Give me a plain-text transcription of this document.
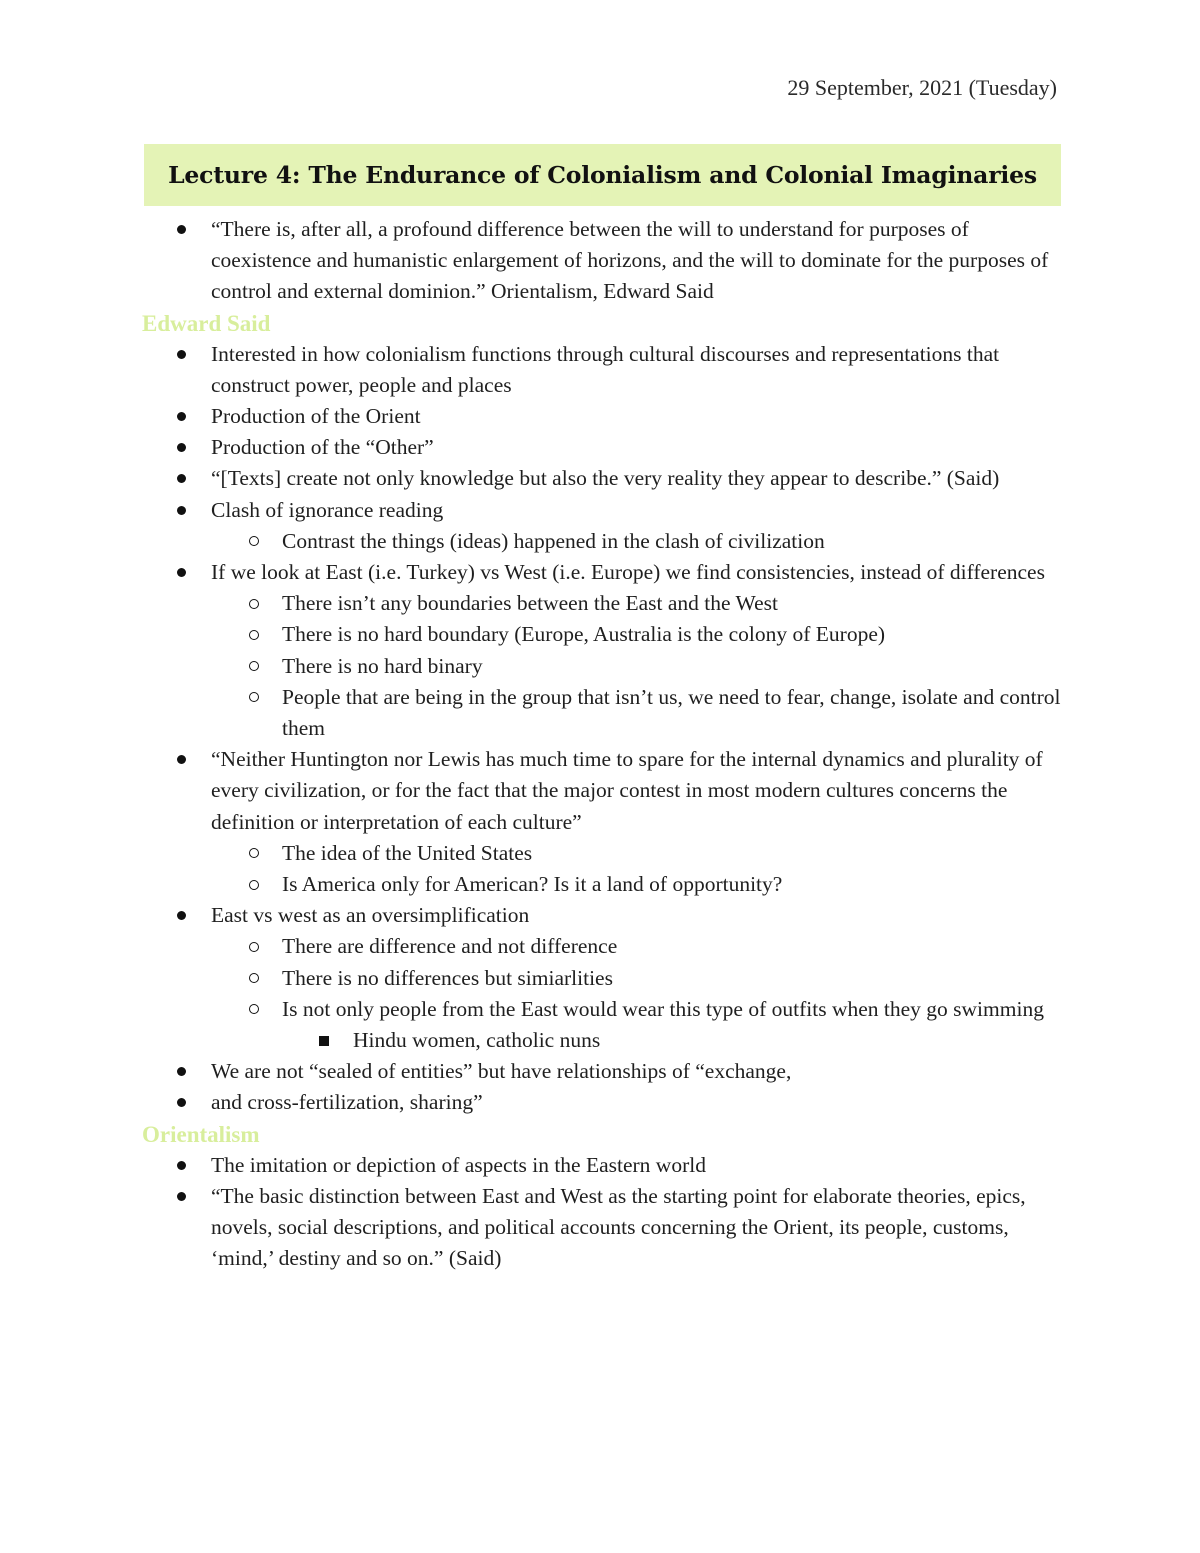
29 September, 2021 (Tuesday)
Lecture 4: The Endurance of Colonialism and Colonial Imaginaries
“There is, after all, a profound difference between the will to understand for purposes of coexistence and humanistic enlargement of horizons, and the will to dominate for the purposes of control and external dominion.” Orientalism, Edward Said
Edward Said
Interested in how colonialism functions through cultural discourses and representations that construct power, people and places
Production of the Orient
Production of the “Other”
“[Texts] create not only knowledge but also the very reality they appear to describe.” (Said)
Clash of ignorance reading
Contrast the things (ideas) happened in the clash of civilization
If we look at East (i.e. Turkey) vs West (i.e. Europe) we find consistencies, instead of differences
There isn’t any boundaries between the East and the West
There is no hard boundary (Europe, Australia is the colony of Europe)
There is no hard binary
People that are being in the group that isn’t us, we need to fear, change, isolate and control them
“Neither Huntington nor Lewis has much time to spare for the internal dynamics and plurality of every civilization, or for the fact that the major contest in most modern cultures concerns the definition or interpretation of each culture”
The idea of the United States
Is America only for American? Is it a land of opportunity?
East vs west as an oversimplification
There are difference and not difference
There is no differences but simiarlities
Is not only people from the East would wear this type of outfits when they go swimming
Hindu women, catholic nuns
We are not “sealed of entities” but have relationships of “exchange,
and cross-fertilization, sharing”
Orientalism
The imitation or depiction of aspects in the Eastern world
“The basic distinction between East and West as the starting point for elaborate theories, epics, novels, social descriptions, and political accounts concerning the Orient, its people, customs, ‘mind,’ destiny and so on.” (Said)
